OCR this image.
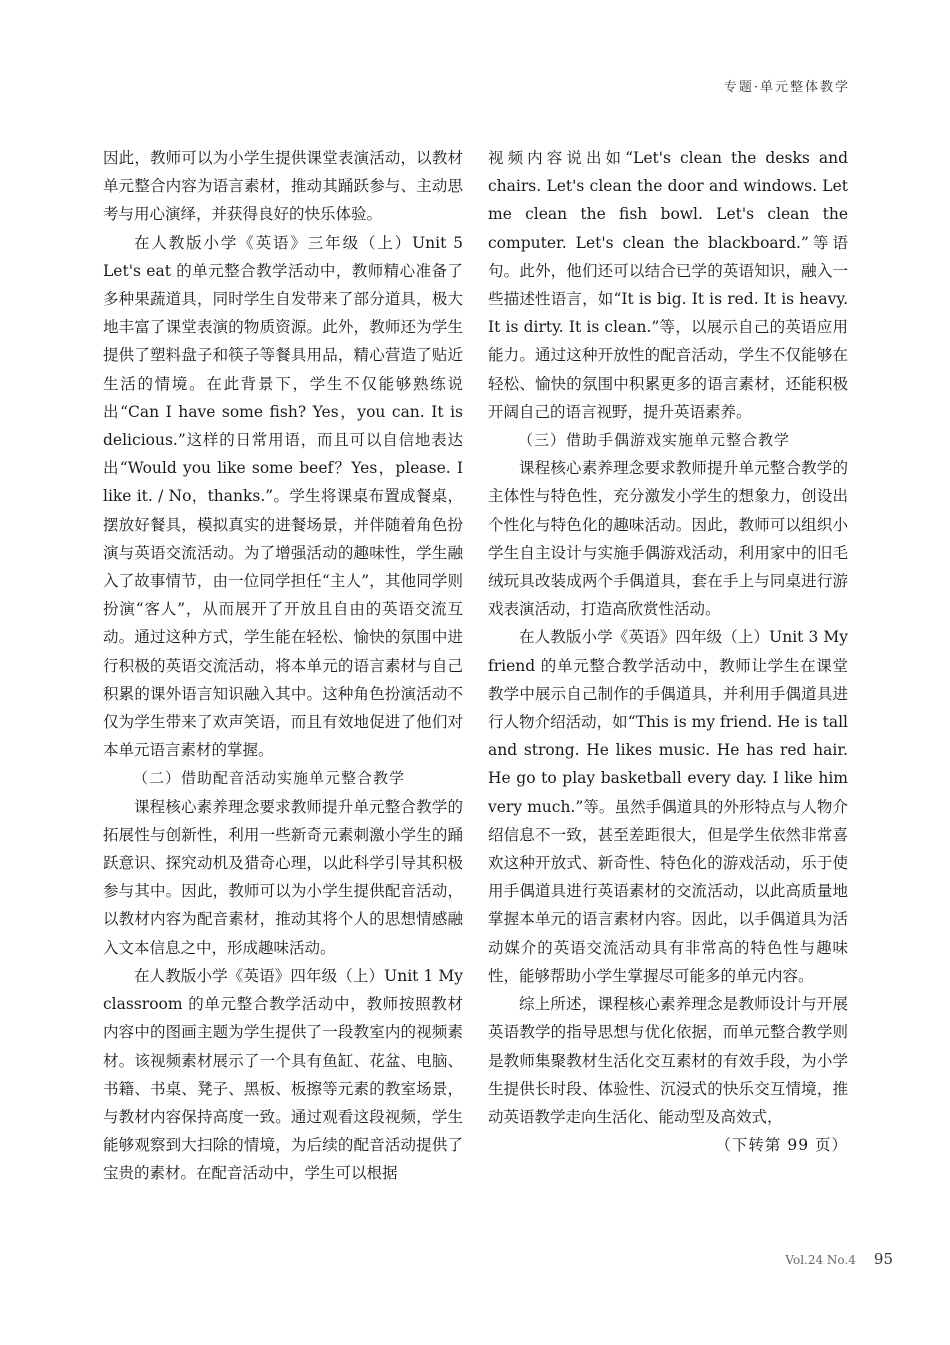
专题·单元整体教学

因此，教师可以为小学生提供课堂表演活动，以教材单元整合内容为语言素材，推动其踊跃参与、主动思考与用心演绎，并获得良好的快乐体验。

在人教版小学《英语》三年级（上）Unit 5 Let's eat 的单元整合教学活动中，教师精心准备了多种果蔬道具，同时学生自发带来了部分道具，极大地丰富了课堂表演的物质资源。此外，教师还为学生提供了塑料盘子和筷子等餐具用品，精心营造了贴近生活的情境。在此背景下，学生不仅能够熟练说出“Can I have some fish? Yes，you can. It is delicious.”这样的日常用语，而且可以自信地表达出“Would you like some beef？Yes，please. I like it. / No，thanks.”。学生将课桌布置成餐桌，摆放好餐具，模拟真实的进餐场景，并伴随着角色扮演与英语交流活动。为了增强活动的趣味性，学生融入了故事情节，由一位同学担任“主人”，其他同学则扮演“客人”，从而展开了开放且自由的英语交流互动。通过这种方式，学生能在轻松、愉快的氛围中进行积极的英语交流活动，将本单元的语言素材与自己积累的课外语言知识融入其中。这种角色扮演活动不仅为学生带来了欢声笑语，而且有效地促进了他们对本单元语言素材的掌握。

（二）借助配音活动实施单元整合教学

课程核心素养理念要求教师提升单元整合教学的拓展性与创新性，利用一些新奇元素刺激小学生的踊跃意识、探究动机及猎奇心理，以此科学引导其积极参与其中。因此，教师可以为小学生提供配音活动，以教材内容为配音素材，推动其将个人的思想情感融入文本信息之中，形成趣味活动。

在人教版小学《英语》四年级（上）Unit 1 My classroom 的单元整合教学活动中，教师按照教材内容中的图画主题为学生提供了一段教室内的视频素材。该视频素材展示了一个具有鱼缸、花盆、电脑、书籍、书桌、凳子、黑板、板擦等元素的教室场景，与教材内容保持高度一致。通过观看这段视频，学生能够观察到大扫除的情境，为后续的配音活动提供了宝贵的素材。在配音活动中，学生可以根据

视频内容说出如“Let's clean the desks and chairs. Let's clean the door and windows. Let me clean the fish bowl. Let's clean the computer. Let's clean the blackboard.”等语句。此外，他们还可以结合已学的英语知识，融入一些描述性语言，如“It is big. It is red. It is heavy. It is dirty. It is clean.”等，以展示自己的英语应用能力。通过这种开放性的配音活动，学生不仅能够在轻松、愉快的氛围中积累更多的语言素材，还能积极开阔自己的语言视野，提升英语素养。

（三）借助手偶游戏实施单元整合教学

课程核心素养理念要求教师提升单元整合教学的主体性与特色性，充分激发小学生的想象力，创设出个性化与特色化的趣味活动。因此，教师可以组织小学生自主设计与实施手偶游戏活动，利用家中的旧毛绒玩具改装成两个手偶道具，套在手上与同桌进行游戏表演活动，打造高欣赏性活动。

在人教版小学《英语》四年级（上）Unit 3 My friend 的单元整合教学活动中，教师让学生在课堂教学中展示自己制作的手偶道具，并利用手偶道具进行人物介绍活动，如“This is my friend. He is tall and strong. He likes music. He has red hair. He go to play basketball every day. I like him very much.”等。虽然手偶道具的外形特点与人物介绍信息不一致，甚至差距很大，但是学生依然非常喜欢这种开放式、新奇性、特色化的游戏活动，乐于使用手偶道具进行英语素材的交流活动，以此高质量地掌握本单元的语言素材内容。因此，以手偶道具为活动媒介的英语交流活动具有非常高的特色性与趣味性，能够帮助小学生掌握尽可能多的单元内容。

综上所述，课程核心素养理念是教师设计与开展英语教学的指导思想与优化依据，而单元整合教学则是教师集聚教材生活化交互素材的有效手段，为小学生提供长时段、体验性、沉浸式的快乐交互情境，推动英语教学走向生活化、能动型及高效式，

（下转第 99 页）

Vol.24 No.4 95
